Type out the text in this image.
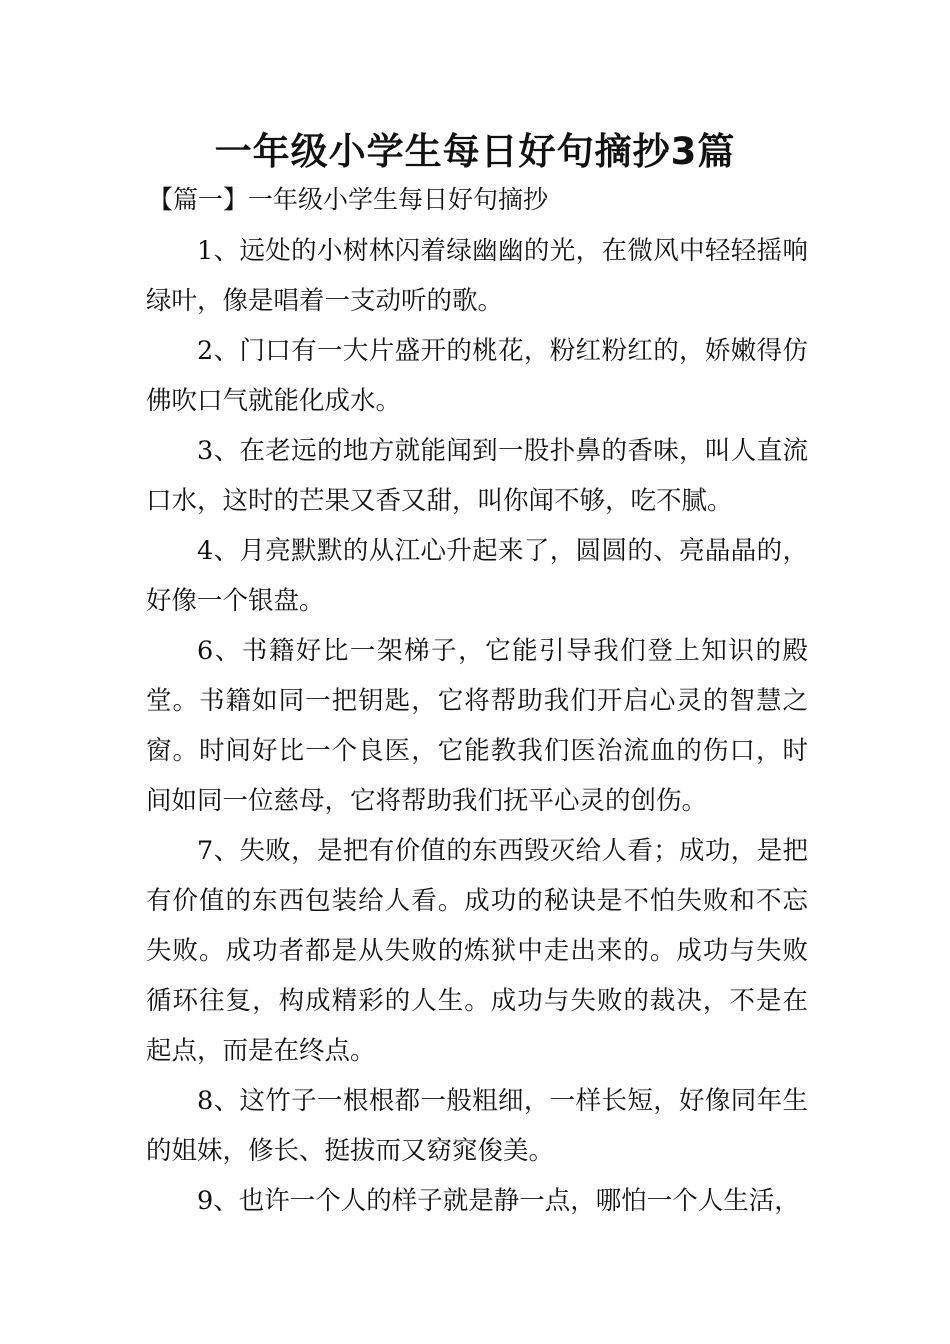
一年级小学生每日好句摘抄3篇

【篇一】一年级小学生每日好句摘抄

1、远处的小树林闪着绿幽幽的光，在微风中轻轻摇响绿叶，像是唱着一支动听的歌。

2、门口有一大片盛开的桃花，粉红粉红的，娇嫩得仿佛吹口气就能化成水。

3、在老远的地方就能闻到一股扑鼻的香味，叫人直流口水，这时的芒果又香又甜，叫你闻不够，吃不腻。

4、月亮默默的从江心升起来了，圆圆的、亮晶晶的，好像一个银盘。

6、书籍好比一架梯子，它能引导我们登上知识的殿堂。书籍如同一把钥匙，它将帮助我们开启心灵的智慧之窗。时间好比一个良医，它能教我们医治流血的伤口，时间如同一位慈母，它将帮助我们抚平心灵的创伤。

7、失败，是把有价值的东西毁灭给人看；成功，是把有价值的东西包装给人看。成功的秘诀是不怕失败和不忘失败。成功者都是从失败的炼狱中走出来的。成功与失败循环往复，构成精彩的人生。成功与失败的裁决，不是在起点，而是在终点。

8、这竹子一根根都一般粗细，一样长短，好像同年生的姐妹，修长、挺拔而又窈窕俊美。

9、也许一个人的样子就是静一点，哪怕一个人生活，
